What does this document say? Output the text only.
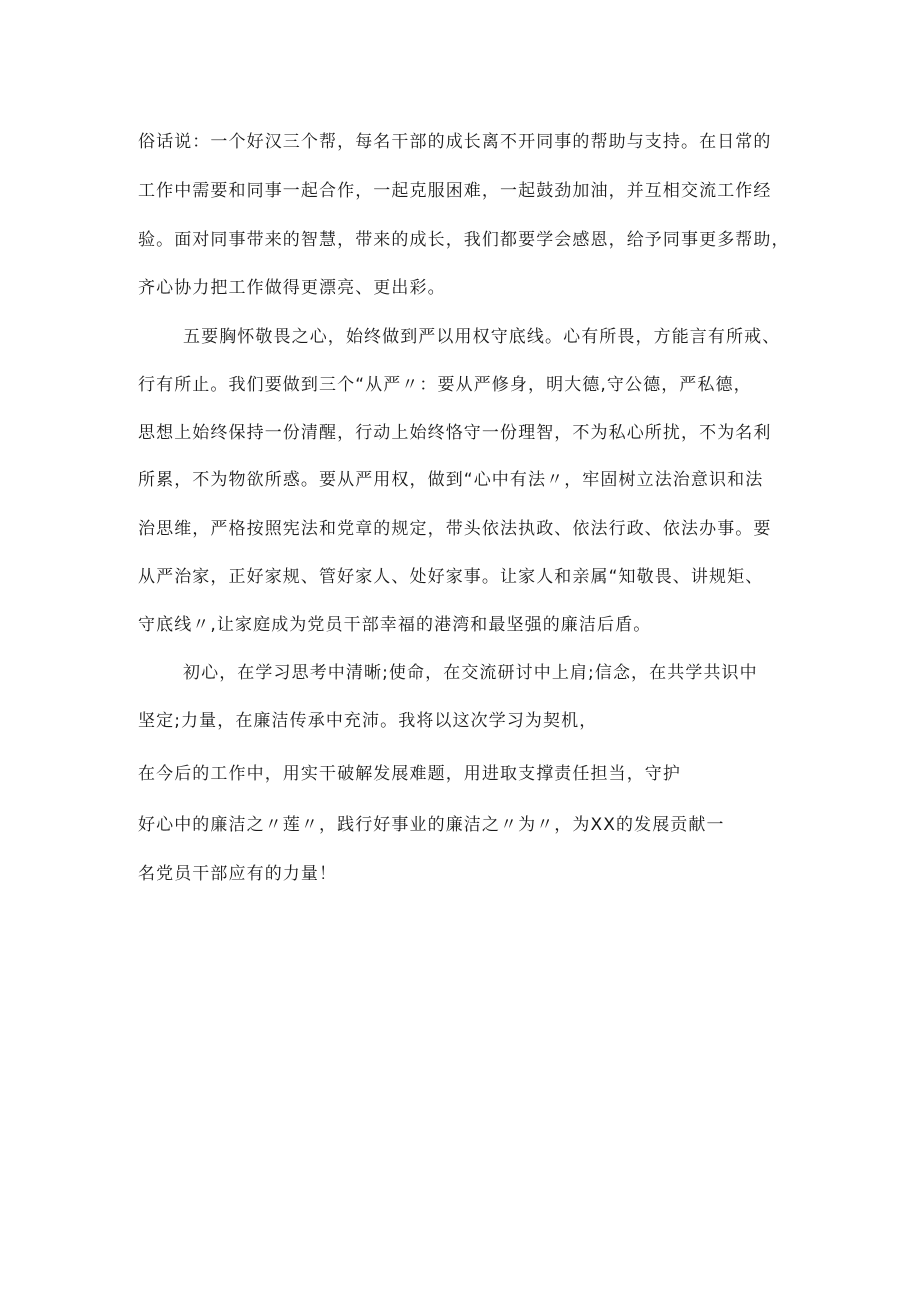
俗话说：一个好汉三个帮，每名干部的成长离不开同事的帮助与支持。在日常的
工作中需要和同事一起合作，一起克服困难，一起鼓劲加油，并互相交流工作经
验。面对同事带来的智慧，带来的成长，我们都要学会感恩，给予同事更多帮助，
齐心协力把工作做得更漂亮、更出彩。
五要胸怀敬畏之心，始终做到严以用权守底线。心有所畏，方能言有所戒、
行有所止。我们要做到三个“从严〃：要从严修身，明大德,守公德，严私德，
思想上始终保持一份清醒，行动上始终恪守一份理智，不为私心所扰，不为名利
所累，不为物欲所惑。要从严用权，做到“心中有法〃，牢固树立法治意识和法
治思维，严格按照宪法和党章的规定，带头依法执政、依法行政、依法办事。要
从严治家，正好家规、管好家人、处好家事。让家人和亲属“知敬畏、讲规矩、
守底线〃,让家庭成为党员干部幸福的港湾和最坚强的廉洁后盾。
初心，在学习思考中清晰;使命，在交流研讨中上肩;信念，在共学共识中
坚定;力量，在廉洁传承中充沛。我将以这次学习为契机，
在今后的工作中，用实干破解发展难题，用进取支撑责任担当，守护
好心中的廉洁之〃莲〃，践行好事业的廉洁之〃为〃，为XX的发展贡献一
名党员干部应有的力量！
